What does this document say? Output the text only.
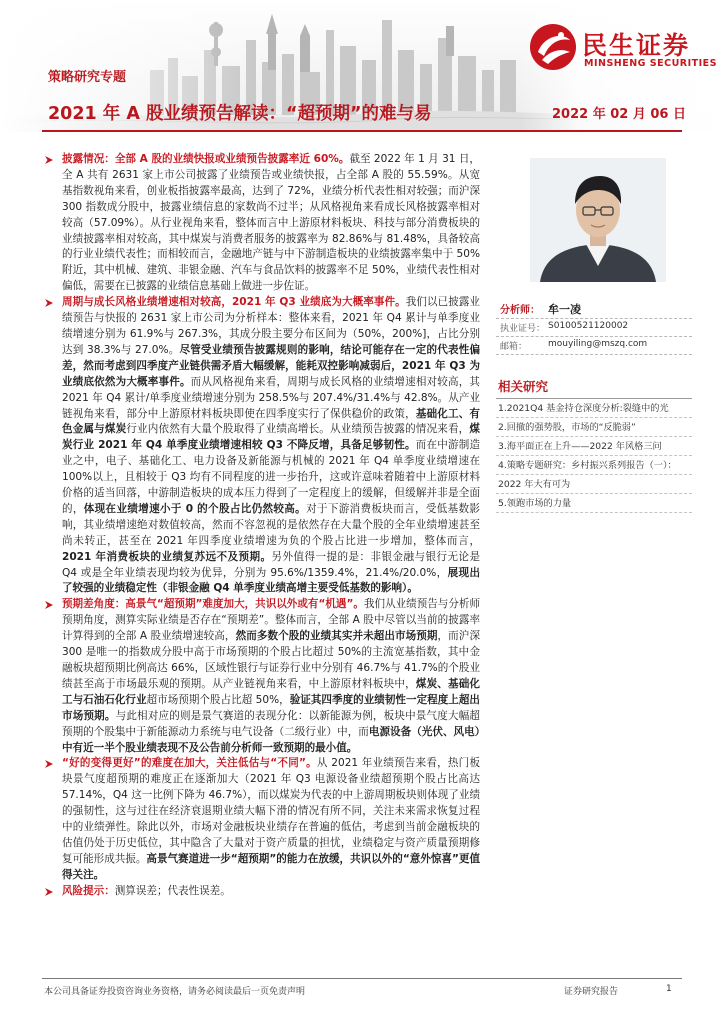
民生证券
MINSHENG SECURITIES
策略研究专题
2021 年 A 股业绩预告解读：“超预期”的难与易	2022 年 02 月 06 日
披露情况：全部 A 股的业绩快报或业绩预告披露率近 60%。截至 2022 年 1 月 31 日，全 A 共有 2631 家上市公司披露了业绩预告或业绩快报，占全部 A 股的 55.59%。从宽基指数视角来看，创业板指披露率最高，达到了 72%，业绩分析代表性相对较强；而沪深 300 指数成分股中，披露业绩信息的家数尚不过半；从风格视角来看成长风格披露率相对较高（57.09%）。从行业视角来看，整体而言中上游原材料板块、科技与部分消费板块的业绩披露率相对较高，其中煤炭与消费者服务的披露率为 82.86%与 81.48%，具备较高的行业业绩代表性；而相较而言，金融地产链与中下游制造板块的业绩披露率集中于 50%附近，其中机械、建筑、非银金融、汽车与食品饮料的披露率不足 50%，业绩代表性相对偏低，需要在已披露的业绩信息基础上做进一步佐证。
周期与成长风格业绩增速相对较高，2021 年 Q3 业绩底为大概率事件。我们以已披露业绩预告与快报的 2631 家上市公司为分析样本：整体来看，2021 年 Q4 累计与单季度业绩增速分别为 61.9%与 267.3%，其成分股主要分布区间为（50%，200%]，占比分别达到 38.3%与 27.0%。尽管受业绩预告披露规则的影响，结论可能存在一定的代表性偏差，然而考虑到四季度产业链供需矛盾大幅缓解，能耗双控影响减弱后，2021 年 Q3 为业绩底依然为大概率事件。而从风格视角来看，周期与成长风格的业绩增速相对较高，其 2021 年 Q4 累计/单季度业绩增速分别为 258.5%与 207.4%/31.4%与 42.8%。从产业链视角来看，部分中上游原材料板块即使在四季度实行了保供稳价的政策，基础化工、有色金属与煤炭行业内依然有大量个股取得了业绩高增长。从业绩预告披露的情况来看，煤炭行业 2021 年 Q4 单季度业绩增速相较 Q3 不降反增，具备足够韧性。而在中游制造业之中，电子、基础化工、电力设备及新能源与机械的 2021 年 Q4 单季度业绩增速在 100%以上，且相较于 Q3 均有不同程度的进一步抬升，这或许意味着随着中上游原材料价格的适当回落，中游制造板块的成本压力得到了一定程度上的缓解，但缓解并非是全面的，体现在业绩增速小于 0 的个股占比仍然较高。对于下游消费板块而言，受低基数影响，其业绩增速绝对数值较高，然而不容忽视的是依然存在大量个股的全年业绩增速甚至尚未转正，甚至在 2021 年四季度业绩增速为负的个股占比进一步增加，整体而言，2021 年消费板块的业绩复苏远不及预期。另外值得一提的是：非银金融与银行无论是 Q4 或是全年业绩表现均较为优异，分别为 95.6%/1359.4%，21.4%/20.0%，展现出了较强的业绩稳定性（非银金融 Q4 单季度业绩高增主要受低基数的影响）。
预期差角度：高景气“超预期”难度加大，共识以外或有“机遇”。我们从业绩预告与分析师预期角度，测算实际业绩是否存在“预期差”。整体而言，全部 A 股中尽管以当前的披露率计算得到的全部 A 股业绩增速较高，然而多数个股的业绩其实并未超出市场预期，而沪深 300 是唯一的指数成分股中高于市场预期的个股占比超过 50%的主流宽基指数，其中金融板块超预期比例高达 66%，区域性银行与证券行业中分别有 46.7%与 41.7%的个股业绩甚至高于市场最乐观的预期。从产业链视角来看，中上游原材料板块中，煤炭、基础化工与石油石化行业超市场预期个股占比超 50%，验证其四季度的业绩韧性一定程度上超出市场预期。与此相对应的则是景气赛道的表现分化：以新能源为例，板块中景气度大幅超预期的个股集中于新能源动力系统与电气设备（二级行业）中，而电源设备（光伏、风电）中有近一半个股业绩表现不及公告前分析师一致预期的最小值。
“好的变得更好”的难度在加大，关注低估与“不同”。从 2021 年业绩预告来看，热门板块景气度超预期的难度正在逐渐加大（2021 年 Q3 电源设备业绩超预期个股占比高达 57.14%，Q4 这一比例下降为 46.7%），而以煤炭为代表的中上游周期板块则体现了业绩的强韧性，这与过往在经济衰退期业绩大幅下滑的情况有所不同，关注未来需求恢复过程中的业绩弹性。除此以外，市场对金融板块业绩存在普遍的低估，考虑到当前金融板块的估值仍处于历史低位，其中隐含了大量对于资产质量的担忧，业绩稳定与资产质量预期修复可能形成共振。高景气赛道进一步“超预期”的能力在放缓，共识以外的“意外惊喜”更值得关注。
风险提示：测算误差；代表性误差。
分析师： 牟一凌
执业证号： S0100521120002
邮箱： mouyiling@mszq.com
相关研究
1.2021Q4 基金持仓深度分析:裂缝中的光
2.回撤的强势股，市场的“反脆弱”
3.海平面正在上升——2022 年风格三问
4.策略专题研究：乡村振兴系列报告（一）：
2022 年大有可为
5.领跑市场的力量
本公司具备证券投资咨询业务资格，请务必阅读最后一页免责声明	证券研究报告	1
